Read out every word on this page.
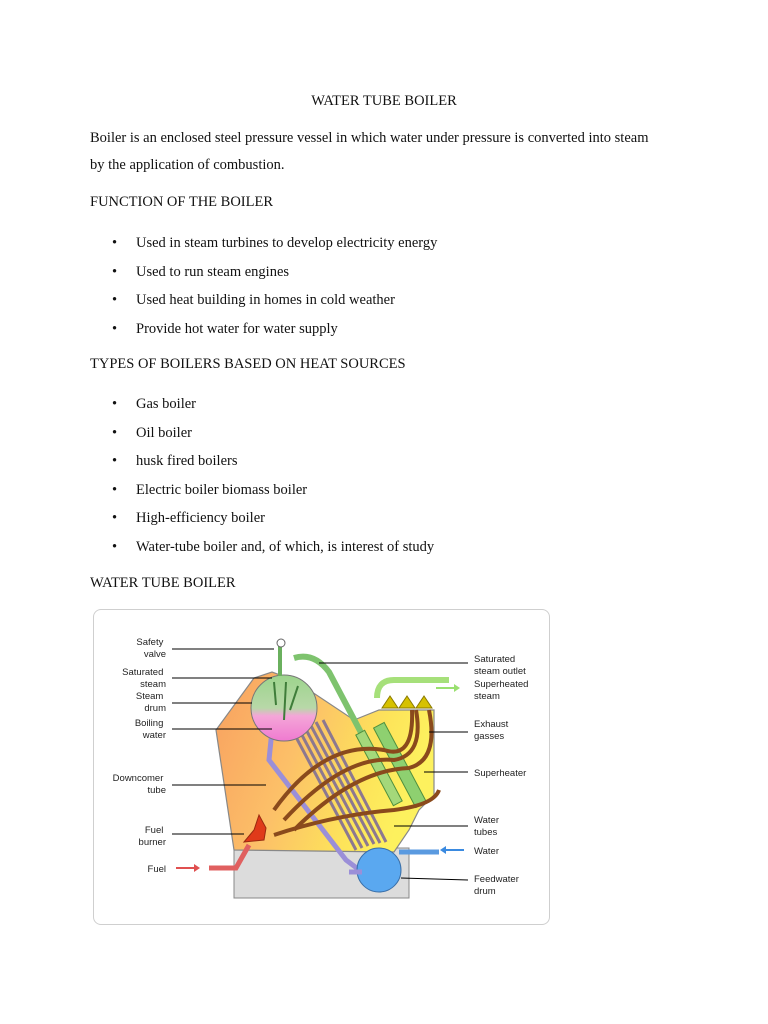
WATER TUBE BOILER
Boiler is an enclosed steel pressure vessel in which water under pressure is converted into steam
by the application of combustion.
FUNCTION OF THE BOILER
• Used in steam turbines to develop electricity energy
• Used to run steam engines
• Used heat building in homes in cold weather
• Provide hot water for water supply
TYPES OF BOILERS BASED ON HEAT SOURCES
• Gas boiler
• Oil boiler
• husk fired boilers
• Electric boiler biomass boiler
• High-efficiency boiler
• Water-tube boiler and, of which, is interest of study
WATER TUBE BOILER
Safety valve
Saturated steam
Steam drum
Boiling water
Downcomer tube
Fuel burner
Fuel
Saturated steam outlet
Superheated steam
Exhaust gasses
Superheater
Water tubes
Water
Feedwater drum
